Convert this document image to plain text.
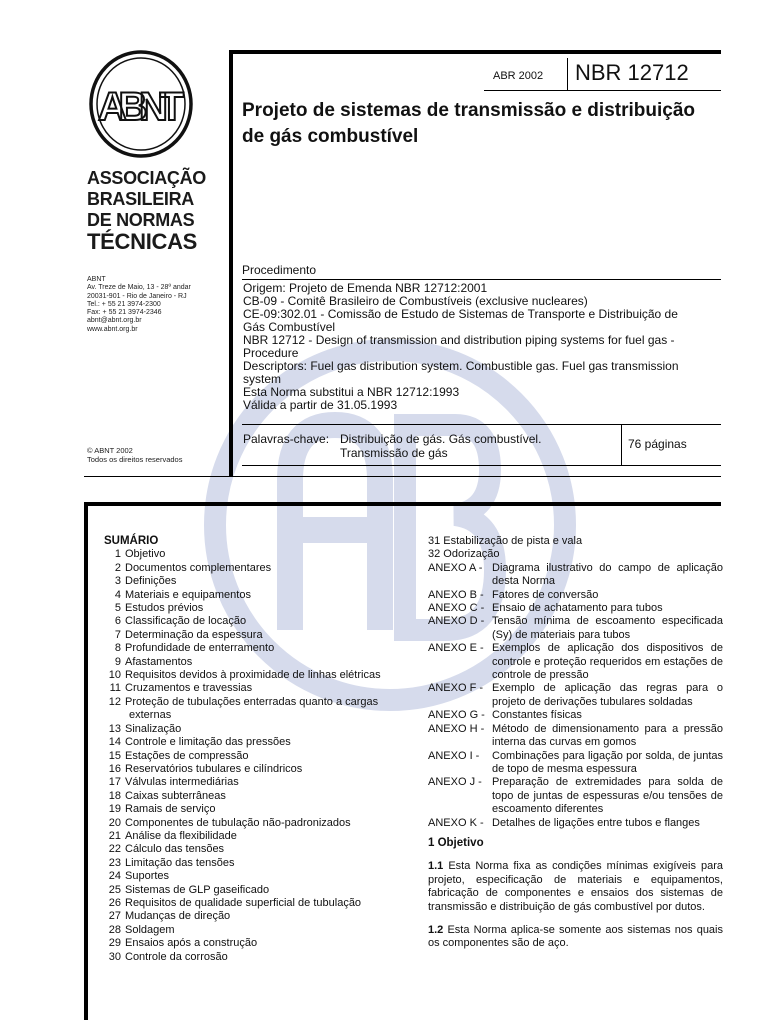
ABNT
ASSOCIAÇÃO
BRASILEIRA
DE NORMAS
TÉCNICAS
ABNT
Av. Treze de Maio, 13 - 28º andar
20031-901 - Rio de Janeiro - RJ
Tel.: + 55 21 3974-2300
Fax: + 55 21 3974-2346
abnt@abnt.org.br
www.abnt.org.br
© ABNT 2002
Todos os direitos reservados
ABR 2002 NBR 12712
Projeto de sistemas de transmissão e distribuição de gás combustível
Procedimento
Origem: Projeto de Emenda NBR 12712:2001
CB-09 - Comitê Brasileiro de Combustíveis (exclusive nucleares)
CE-09:302.01 - Comissão de Estudo de Sistemas de Transporte e Distribuição de
Gás Combustível
NBR 12712 - Design of transmission and distribution piping systems for fuel gas -
Procedure
Descriptors: Fuel gas distribution system. Combustible gas. Fuel gas transmission
system
Esta Norma substitui a NBR 12712:1993
Válida a partir de 31.05.1993
Palavras-chave: Distribuição de gás. Gás combustível.
Transmissão de gás
76 páginas
SUMÁRIO
1 Objetivo
2 Documentos complementares
3 Definições
4 Materiais e equipamentos
5 Estudos prévios
6 Classificação de locação
7 Determinação da espessura
8 Profundidade de enterramento
9 Afastamentos
10 Requisitos devidos à proximidade de linhas elétricas
11 Cruzamentos e travessias
12 Proteção de tubulações enterradas quanto a cargas
externas
13 Sinalização
14 Controle e limitação das pressões
15 Estações de compressão
16 Reservatórios tubulares e cilíndricos
17 Válvulas intermediárias
18 Caixas subterrâneas
19 Ramais de serviço
20 Componentes de tubulação não-padronizados
21 Análise da flexibilidade
22 Cálculo das tensões
23 Limitação das tensões
24 Suportes
25 Sistemas de GLP gaseificado
26 Requisitos de qualidade superficial de tubulação
27 Mudanças de direção
28 Soldagem
29 Ensaios após a construção
30 Controle da corrosão
31 Estabilização de pista e vala
32 Odorização
ANEXO A - Diagrama ilustrativo do campo de aplicação desta Norma
ANEXO B - Fatores de conversão
ANEXO C - Ensaio de achatamento para tubos
ANEXO D - Tensão mínima de escoamento especificada (Sy) de materiais para tubos
ANEXO E - Exemplos de aplicação dos dispositivos de controle e proteção requeridos em estações de controle de pressão
ANEXO F - Exemplo de aplicação das regras para o projeto de derivações tubulares soldadas
ANEXO G - Constantes físicas
ANEXO H - Método de dimensionamento para a pressão interna das curvas em gomos
ANEXO I -	Combinações para ligação por solda, de juntas de topo de mesma espessura
ANEXO J - Preparação de extremidades para solda de topo de juntas de espessuras e/ou tensões de escoamento diferentes
ANEXO K - Detalhes de ligações entre tubos e flanges
1 Objetivo
1.1 Esta Norma fixa as condições mínimas exigíveis para projeto, especificação de materiais e equipamentos, fabricação de componentes e ensaios dos sistemas de transmissão e distribuição de gás combustível por dutos.
1.2 Esta Norma aplica-se somente aos sistemas nos quais os componentes são de aço.
